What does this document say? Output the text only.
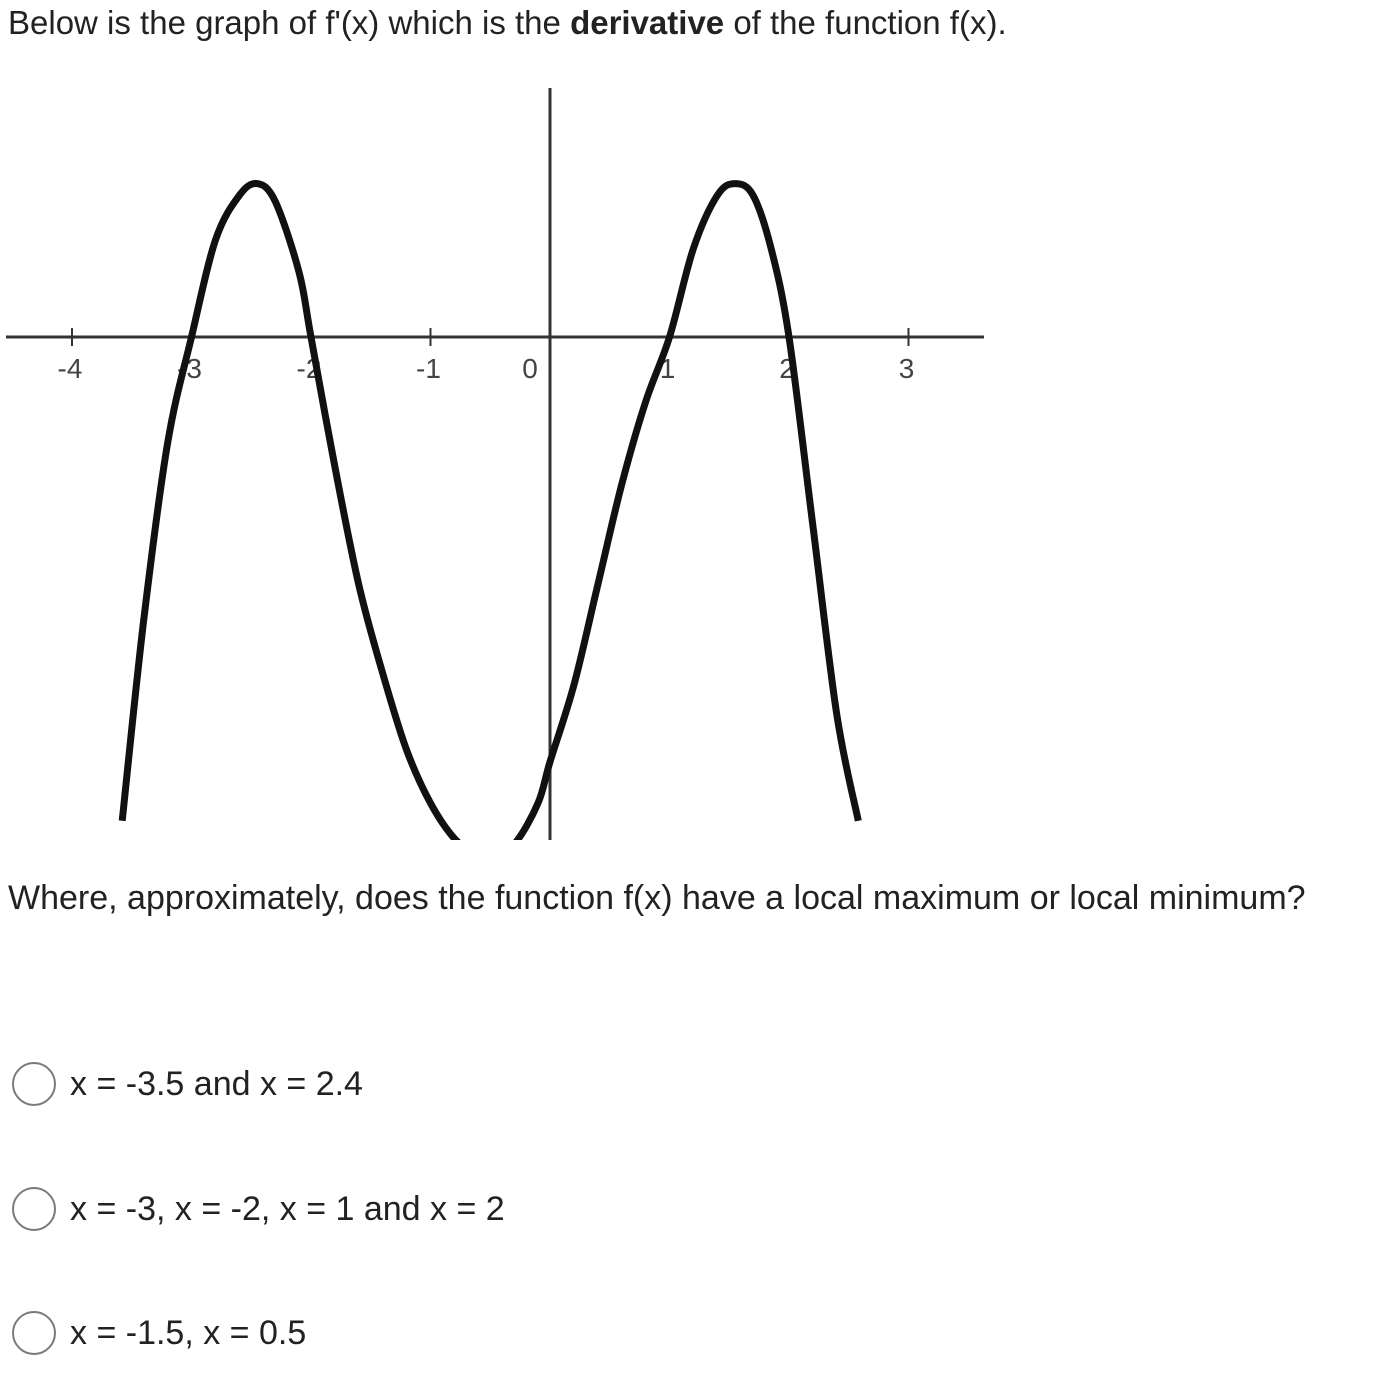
Below is the graph of f'(x) which is the derivative of the function f(x).

-4	-3	-2	-1	0	1	2	3

Where, approximately, does the function f(x) have a local maximum or local minimum?

x = -3.5 and x = 2.4
x = -3, x = -2, x = 1 and x = 2
x = -1.5, x = 0.5
